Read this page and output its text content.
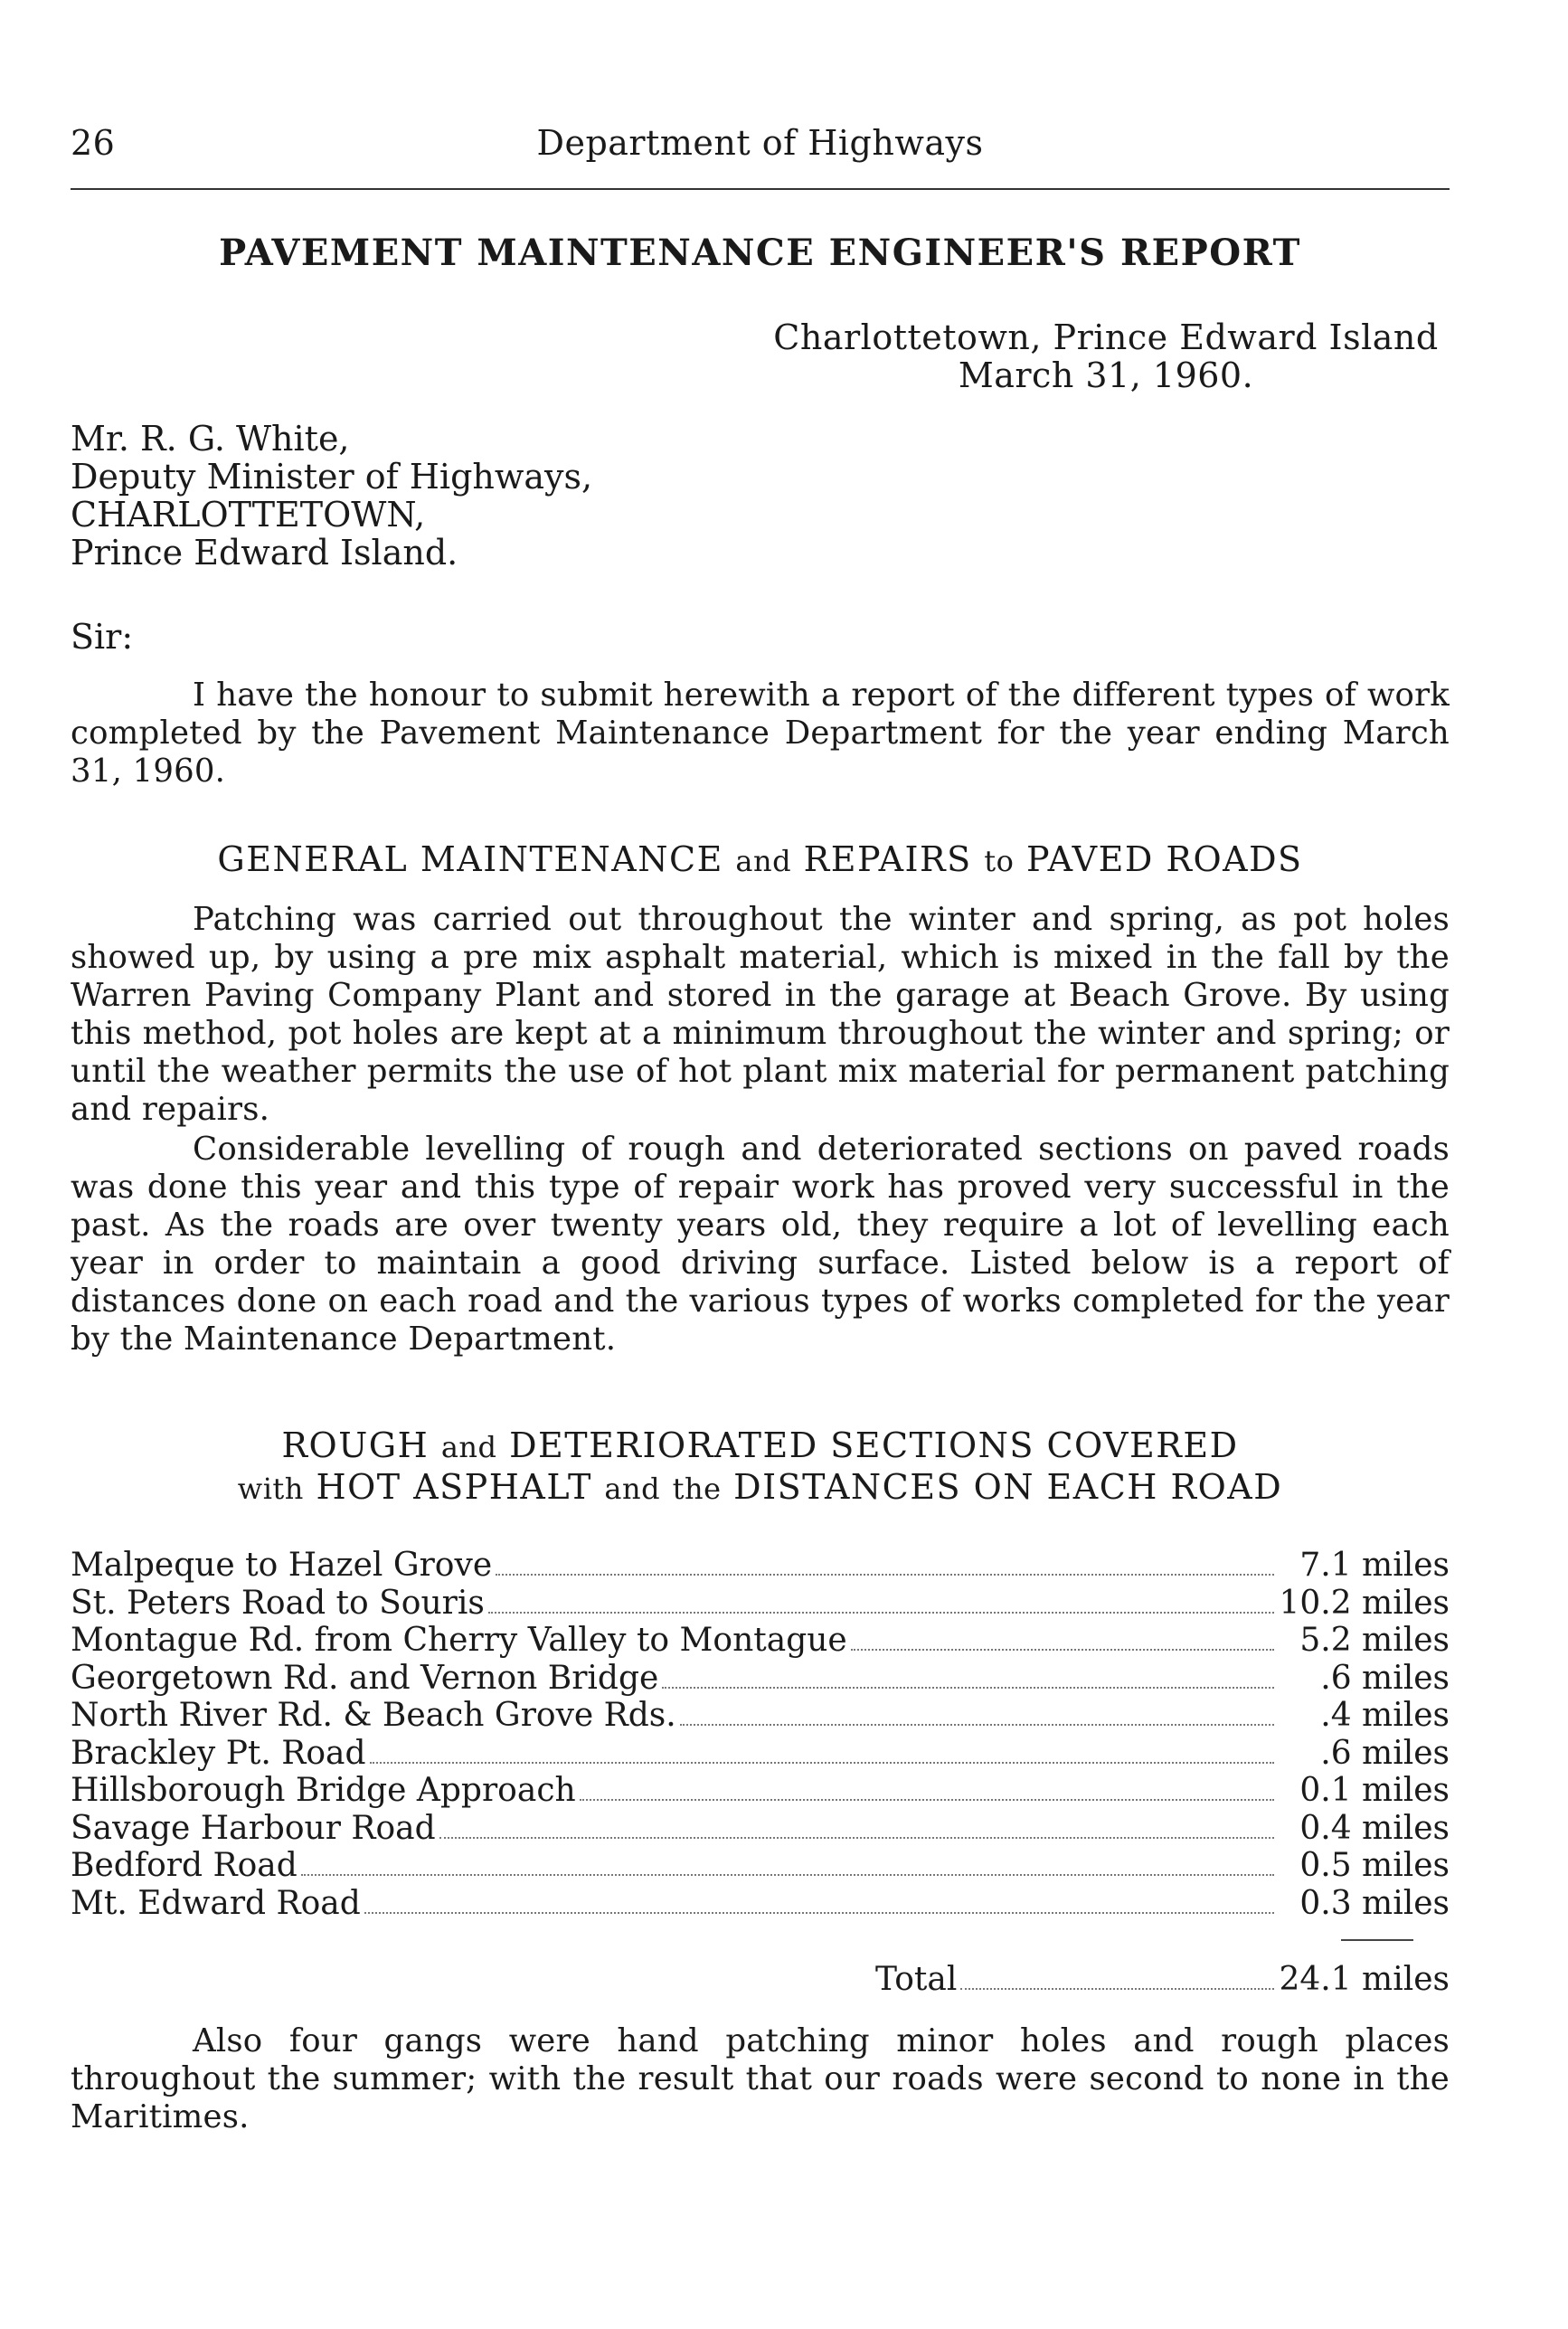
26	Department of Highways
PAVEMENT MAINTENANCE ENGINEER'S REPORT
Charlottetown, Prince Edward Island
March 31, 1960.
Mr. R. G. White,
Deputy Minister of Highways,
CHARLOTTETOWN,
Prince Edward Island.
Sir:
I have the honour to submit herewith a report of the different types of work completed by the Pavement Maintenance Department for the year ending March 31, 1960.
GENERAL MAINTENANCE and REPAIRS to PAVED ROADS
Patching was carried out throughout the winter and spring, as pot holes showed up, by using a pre mix asphalt material, which is mixed in the fall by the Warren Paving Company Plant and stored in the garage at Beach Grove. By using this method, pot holes are kept at a minimum throughout the winter and spring; or until the weather permits the use of hot plant mix material for permanent patching and repairs.
Considerable levelling of rough and deteriorated sections on paved roads was done this year and this type of repair work has proved very successful in the past. As the roads are over twenty years old, they require a lot of levelling each year in order to maintain a good driving surface. Listed below is a report of distances done on each road and the various types of works completed for the year by the Maintenance Department.
ROUGH and DETERIORATED SECTIONS COVERED
with HOT ASPHALT and the DISTANCES ON EACH ROAD
Malpeque to Hazel Grove	7.1 miles
St. Peters Road to Souris	10.2 miles
Montague Rd. from Cherry Valley to Montague	5.2 miles
Georgetown Rd. and Vernon Bridge	.6 miles
North River Rd. & Beach Grove Rds.	.4 miles
Brackley Pt. Road	.6 miles
Hillsborough Bridge Approach	0.1 miles
Savage Harbour Road	0.4 miles
Bedford Road	0.5 miles
Mt. Edward Road	0.3 miles
Total	24.1 miles
Also four gangs were hand patching minor holes and rough places throughout the summer; with the result that our roads were second to none in the Maritimes.
